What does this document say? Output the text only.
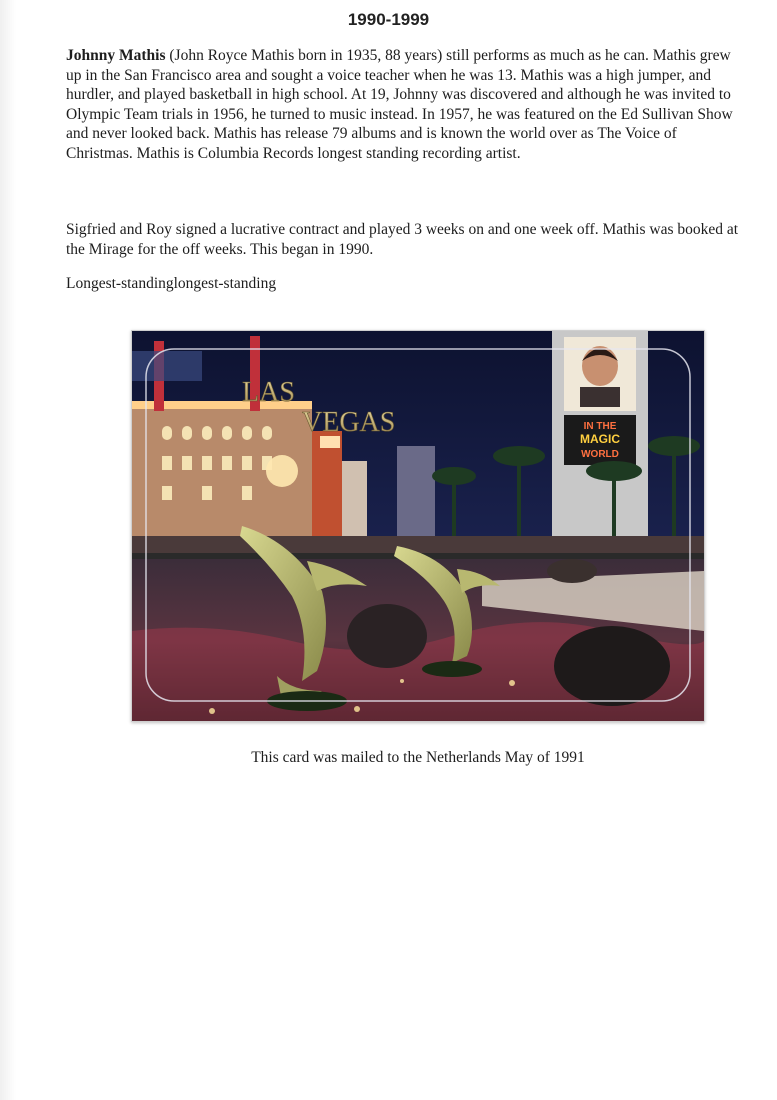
1990-1999
Johnny Mathis (John Royce Mathis born in 1935, 88 years) still performs as much as he can. Mathis grew up in the San Francisco area and sought a voice teacher when he was 13. Mathis was a high jumper, and hurdler, and played basketball in high school. At 19, Johnny was discovered and although he was invited to Olympic Team trials in 1956, he turned to music instead. In 1957, he was featured on the Ed Sullivan Show and never looked back. Mathis has release 79 albums and is known the world over as The Voice of Christmas. Mathis is Columbia Records longest standing recording artist.
Sigfried and Roy signed a lucrative contract and played 3 weeks on and one week off. Mathis was booked at the Mirage for the off weeks. This began in 1990.
Longest-standinglongest-standing
IN THE
MAGIC
WORLD
LAS
VEGAS
This card was mailed to the Netherlands May of 1991
